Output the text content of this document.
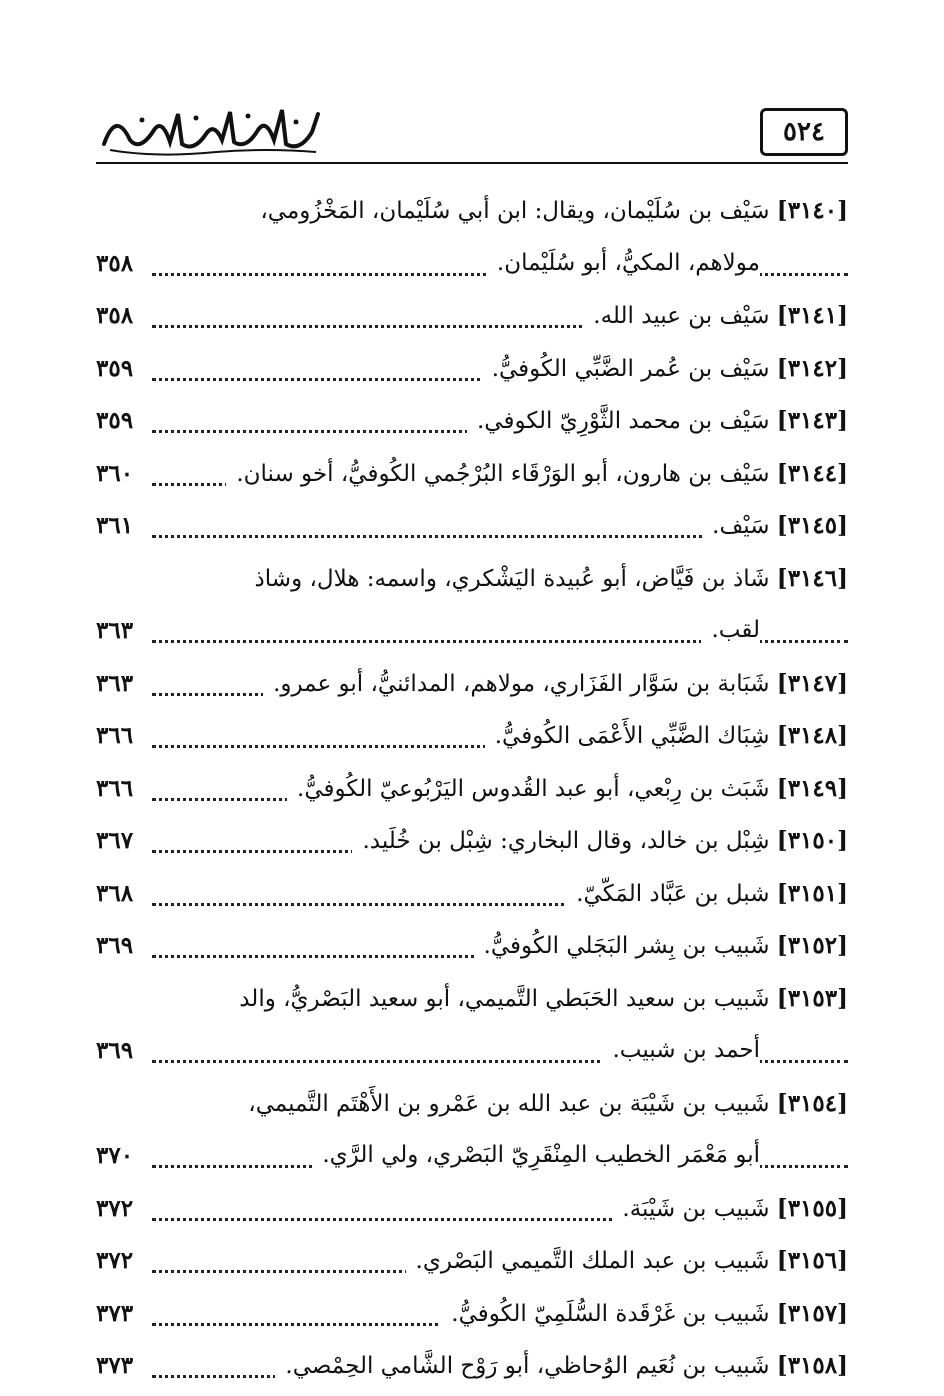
٥٢٤
[٣١٤٠] سَيْف بن سُلَيْمان، ويقال: ابن أبي سُلَيْمان، المَخْزُومي،
مولاهم، المكيُّ، أبو سُلَيْمان.
٣٥٨
[٣١٤١] سَيْف بن عبيد الله.
٣٥٨
[٣١٤٢] سَيْف بن عُمر الضَّبِّي الكُوفيُّ.
٣٥٩
[٣١٤٣] سَيْف بن محمد الثَّوْرِيّ الكوفي.
٣٥٩
[٣١٤٤] سَيْف بن هارون، أبو الوَرْقَاء البُرْجُمي الكُوفيُّ، أخو سنان.
٣٦٠
[٣١٤٥] سَيْف.
٣٦١
[٣١٤٦] شَاذ بن فَيَّاض، أبو عُبيدة اليَشْكري، واسمه: هلال، وشاذ
لقب.
٣٦٣
[٣١٤٧] شَبَابة بن سَوَّار الفَزَاري، مولاهم، المدائنيُّ، أبو عمرو.
٣٦٣
[٣١٤٨] شِبَاك الضَّبِّي الأَعْمَى الكُوفيُّ.
٣٦٦
[٣١٤٩] شَبَث بن رِبْعي، أبو عبد القُدوس اليَرْبُوعيّ الكُوفيُّ.
٣٦٦
[٣١٥٠] شِبْل بن خالد، وقال البخاري: شِبْل بن خُلَيد.
٣٦٧
[٣١٥١] شبل بن عَبَّاد المَكّيّ.
٣٦٨
[٣١٥٢] شَبيب بن بِشر البَجَلي الكُوفيُّ.
٣٦٩
[٣١٥٣] شَبيب بن سعيد الحَبَطي التَّميمي، أبو سعيد البَصْريُّ، والد
أحمد بن شبيب.
٣٦٩
[٣١٥٤] شَبيب بن شَيْبَة بن عبد الله بن عَمْرو بن الأَهْتَم التَّميمي،
أبو مَعْمَر الخطيب المِنْقَرِيّ البَصْري، ولي الرَّي.
٣٧٠
[٣١٥٥] شَبيب بن شَيْبَة.
٣٧٢
[٣١٥٦] شَبيب بن عبد الملك التَّميمي البَصْري.
٣٧٢
[٣١٥٧] شَبيب بن غَرْقَدة السُّلَمِيّ الكُوفيُّ.
٣٧٣
[٣١٥٨] شَبيب بن نُعَيم الوُحاظي، أبو رَوْح الشَّامي الحِمْصي.
٣٧٣
